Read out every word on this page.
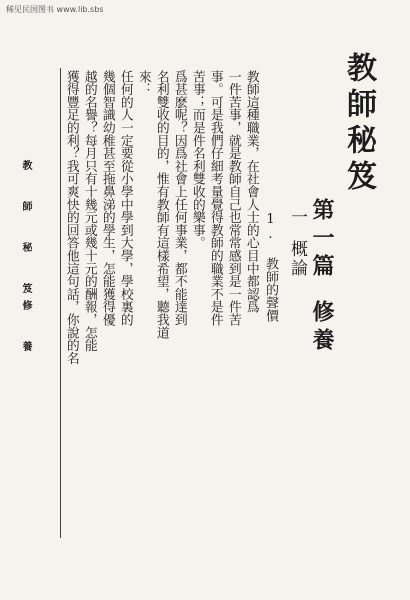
稀见民国图书 www.lib.sbs
教師秘笈
第一篇
修養
一
概論
1. 教師的聲價
教師這種職業，在社會人士的心目中都認爲
一件苦事，就是教師自己也常常感到是一件苦
事。可是我們仔細考量覺得教師的職業不是件
苦事；而是件名利雙收的樂事。
爲甚麽呢？因爲社會上任何事業，都不能達到
名利雙收的目的，惟有教師有這樣希望，聽我道
來：
任何的人一定要從小學中學到大學，學校裏的
幾個智識幼稚甚至拖鼻涕的學生，怎能獲得優
越的名譽？每月只有十幾元或幾十元的酬報，怎能
獲得豐足的利？我可爽快的回答他這句話，你說的名
教 師 秘 笈
修 養
